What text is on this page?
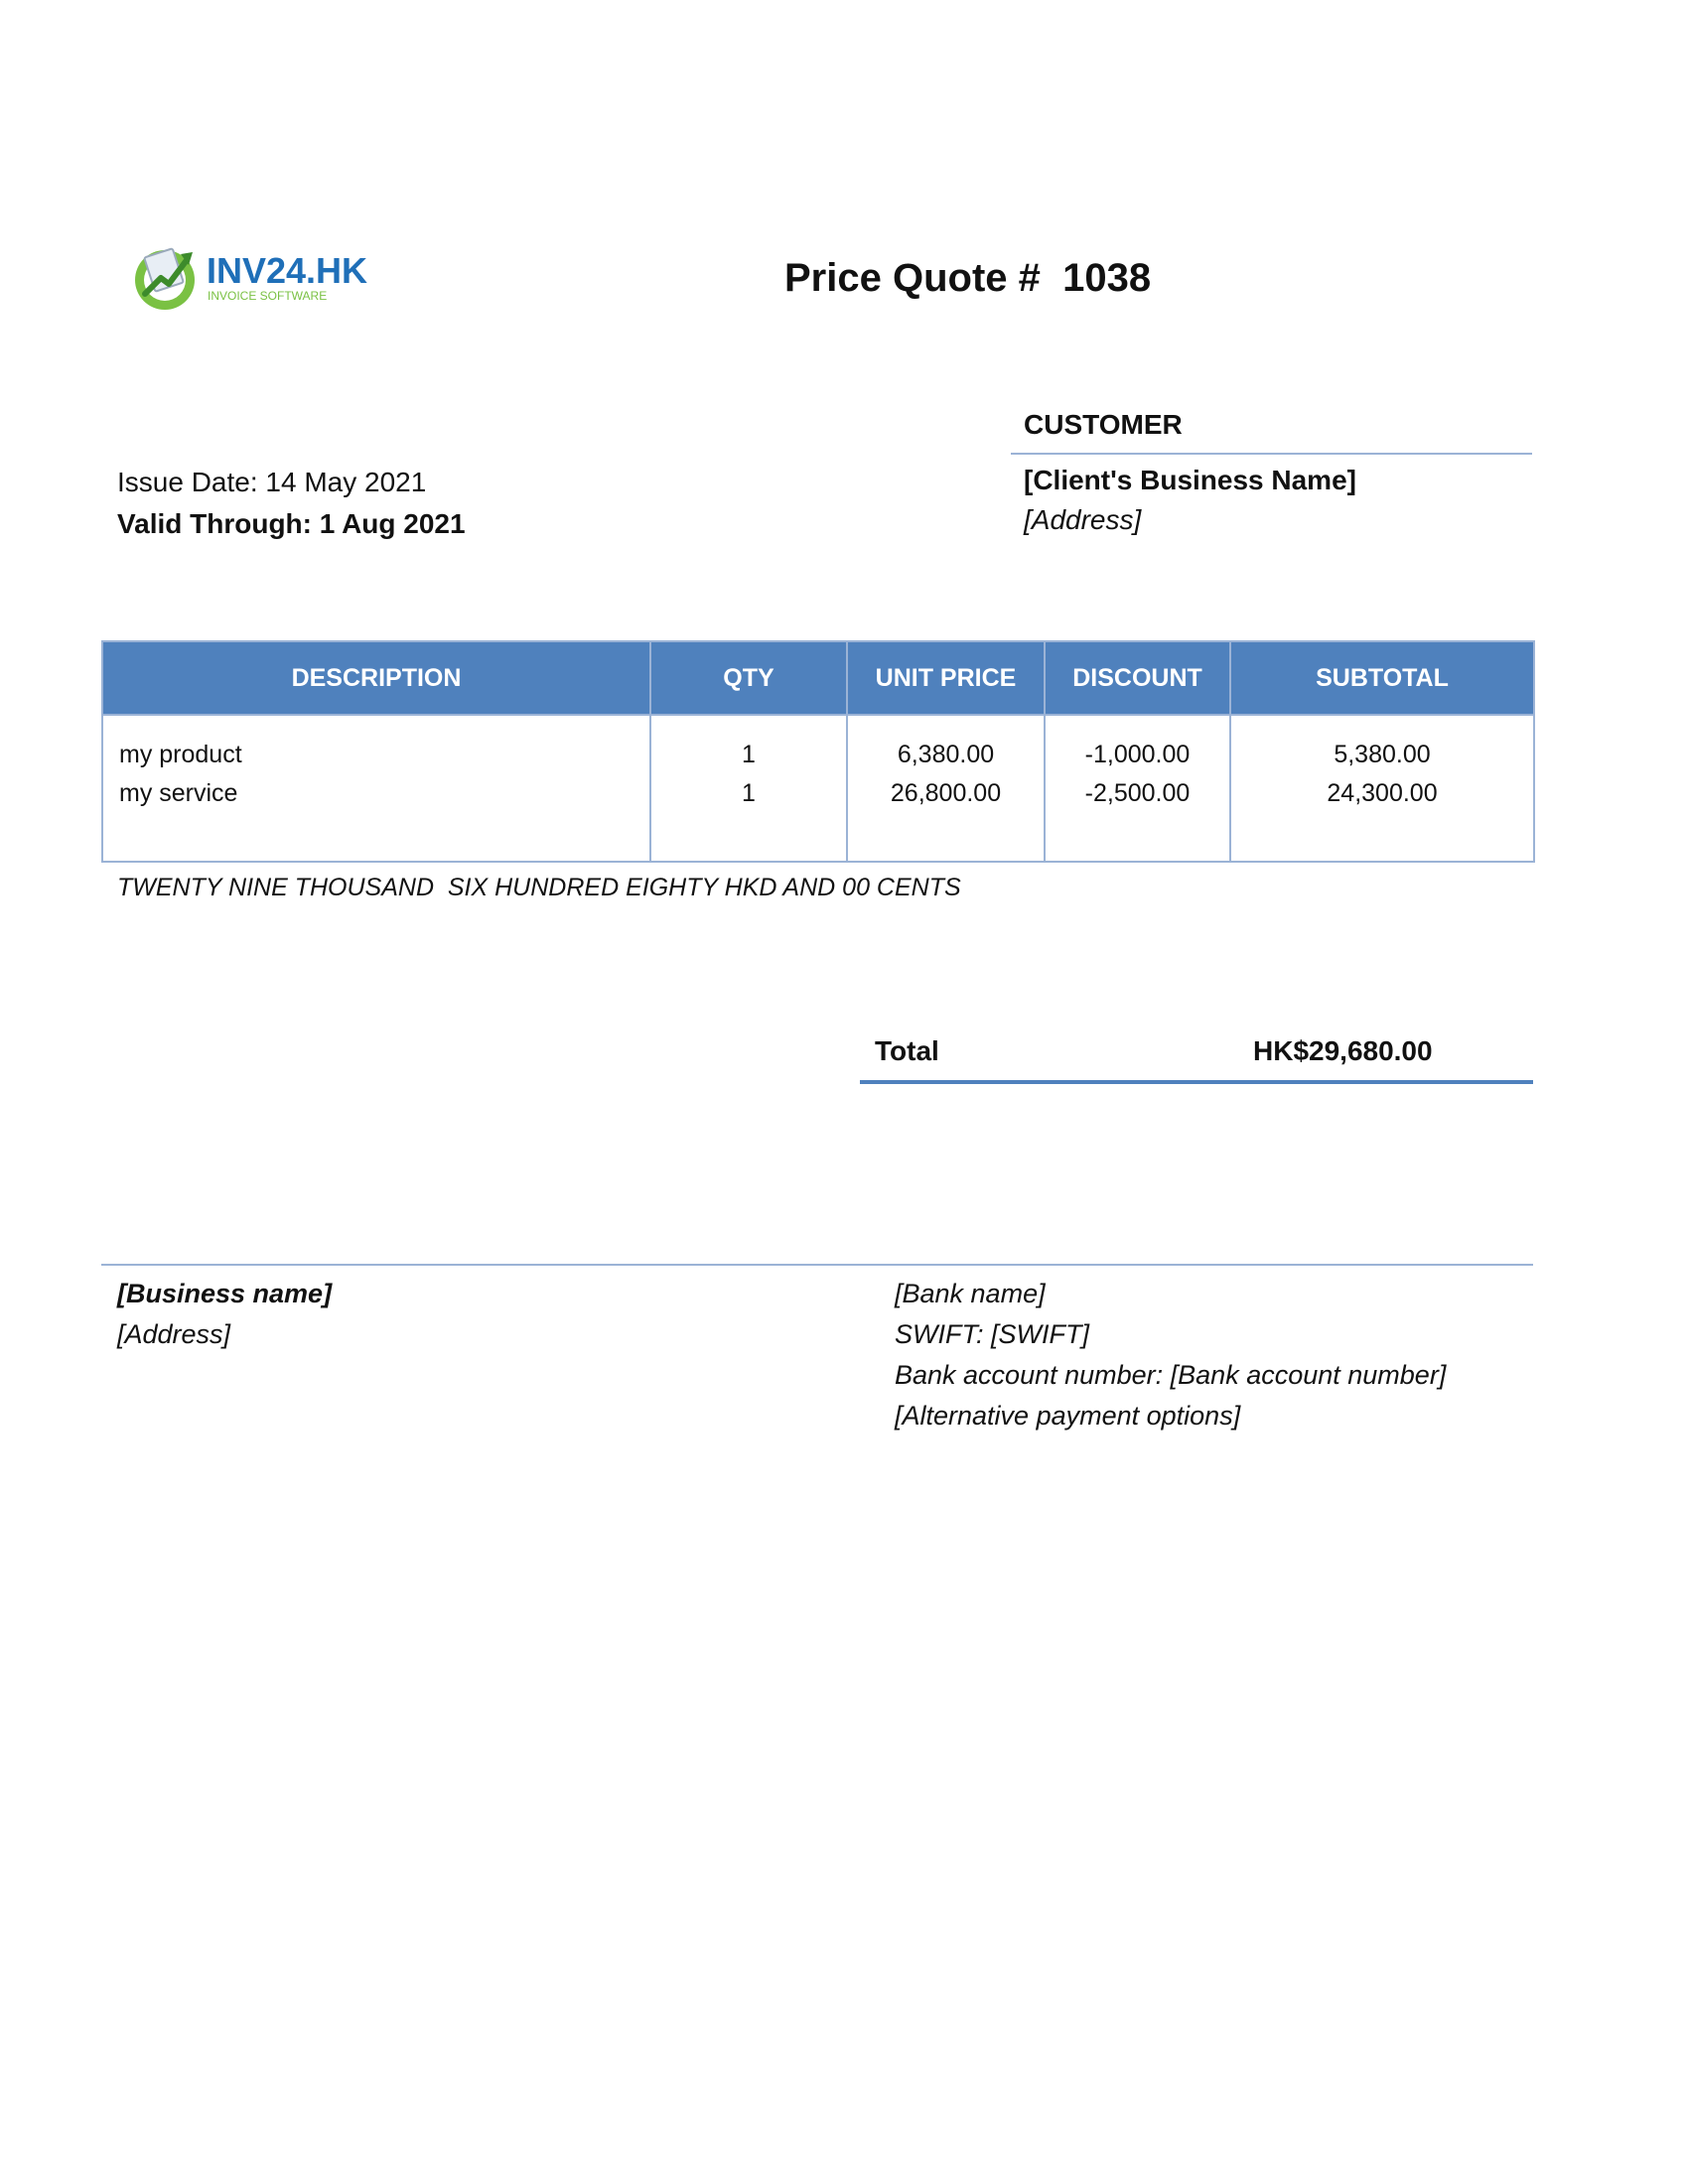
INV24.HK
INVOICE SOFTWARE	Price Quote #  1038
CUSTOMER
[Client's Business Name]
[Address]
Issue Date: 14 May 2021
Valid Through: 1 Aug 2021
DESCRIPTION	QTY	UNIT PRICE	DISCOUNT	SUBTOTAL
my product	1	6,380.00	-1,000.00	5,380.00
my service	1	26,800.00	-2,500.00	24,300.00

TWENTY NINE THOUSAND  SIX HUNDRED EIGHTY HKD AND 00 CENTS
Total	HK$29,680.00
[Business name]
[Address]
[Bank name]
SWIFT: [SWIFT]
Bank account number: [Bank account number]
[Alternative payment options]
